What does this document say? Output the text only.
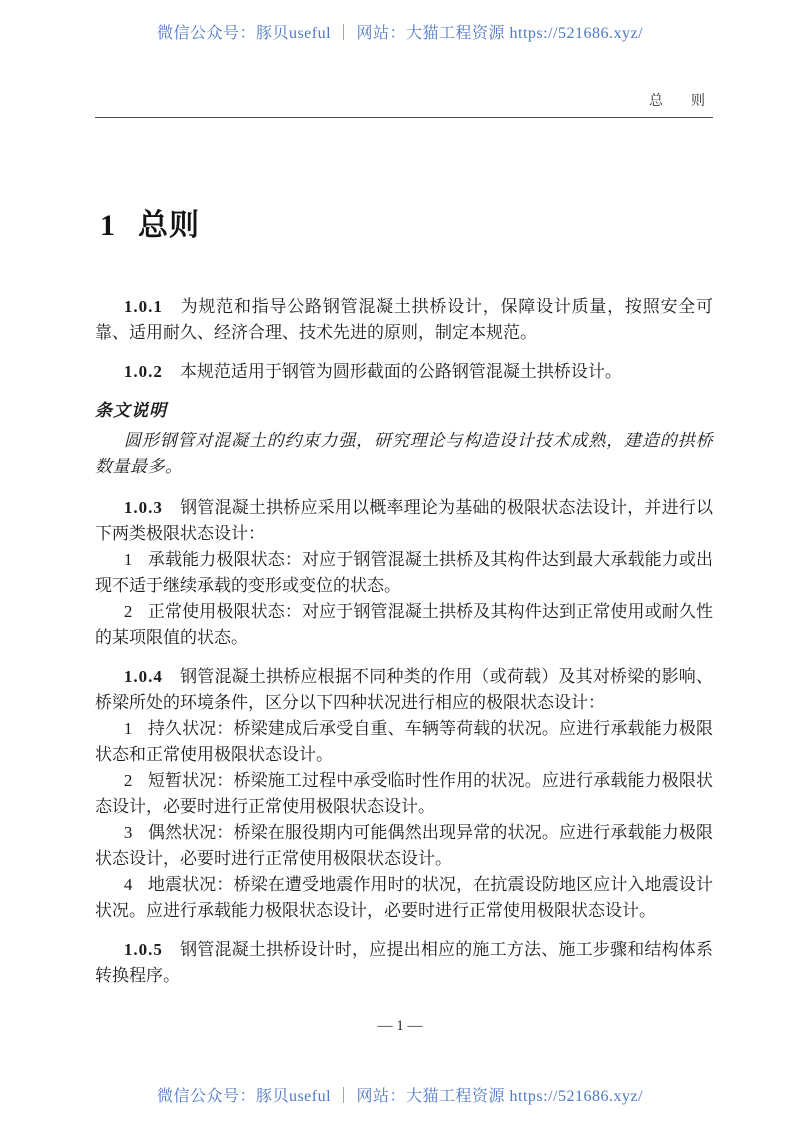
微信公众号：豚贝useful ｜ 网站：大猫工程资源 https://521686.xyz/
总　　则
1 总则

1.0.1 为规范和指导公路钢管混凝土拱桥设计，保障设计质量，按照安全可靠、适用耐久、经济合理、技术先进的原则，制定本规范。

1.0.2 本规范适用于钢管为圆形截面的公路钢管混凝土拱桥设计。

条文说明

圆形钢管对混凝土的约束力强，研究理论与构造设计技术成熟，建造的拱桥数量最多。

1.0.3 钢管混凝土拱桥应采用以概率理论为基础的极限状态法设计，并进行以下两类极限状态设计：

1 承载能力极限状态：对应于钢管混凝土拱桥及其构件达到最大承载能力或出现不适于继续承载的变形或变位的状态。

2 正常使用极限状态：对应于钢管混凝土拱桥及其构件达到正常使用或耐久性的某项限值的状态。

1.0.4 钢管混凝土拱桥应根据不同种类的作用（或荷载）及其对桥梁的影响、桥梁所处的环境条件，区分以下四种状况进行相应的极限状态设计：

1 持久状况：桥梁建成后承受自重、车辆等荷载的状况。应进行承载能力极限状态和正常使用极限状态设计。

2 短暂状况：桥梁施工过程中承受临时性作用的状况。应进行承载能力极限状态设计，必要时进行正常使用极限状态设计。

3 偶然状况：桥梁在服役期内可能偶然出现异常的状况。应进行承载能力极限状态设计，必要时进行正常使用极限状态设计。

4 地震状况：桥梁在遭受地震作用时的状况，在抗震设防地区应计入地震设计状况。应进行承载能力极限状态设计，必要时进行正常使用极限状态设计。

1.0.5 钢管混凝土拱桥设计时，应提出相应的施工方法、施工步骤和结构体系转换程序。

— 1 —
微信公众号：豚贝useful ｜ 网站：大猫工程资源 https://521686.xyz/
